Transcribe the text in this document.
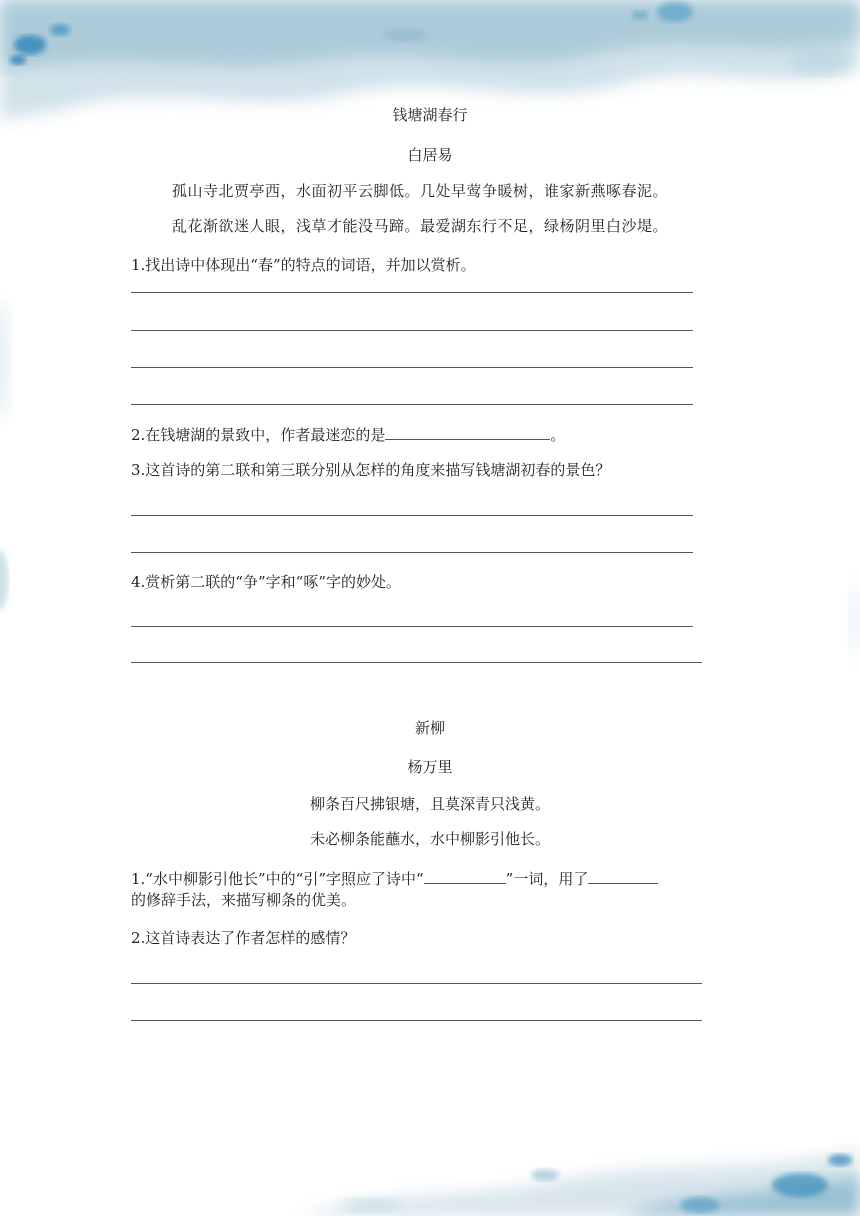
钱塘湖春行
白居易
孤山寺北贾亭西，水面初平云脚低。几处早莺争暖树，谁家新燕啄春泥。
乱花渐欲迷人眼，浅草才能没马蹄。最爱湖东行不足，绿杨阴里白沙堤。
1.找出诗中体现出“春”的特点的词语，并加以赏析。
2.在钱塘湖的景致中，作者最迷恋的是	。
3.这首诗的第二联和第三联分别从怎样的角度来描写钱塘湖初春的景色？
4.赏析第二联的“争”字和“啄”字的妙处。
新柳
杨万里
柳条百尺拂银塘，且莫深青只浅黄。
未必柳条能蘸水，水中柳影引他长。
1.“水中柳影引他长”中的“引”字照应了诗中“	”一词，用了
的修辞手法，来描写柳条的优美。
2.这首诗表达了作者怎样的感情？
